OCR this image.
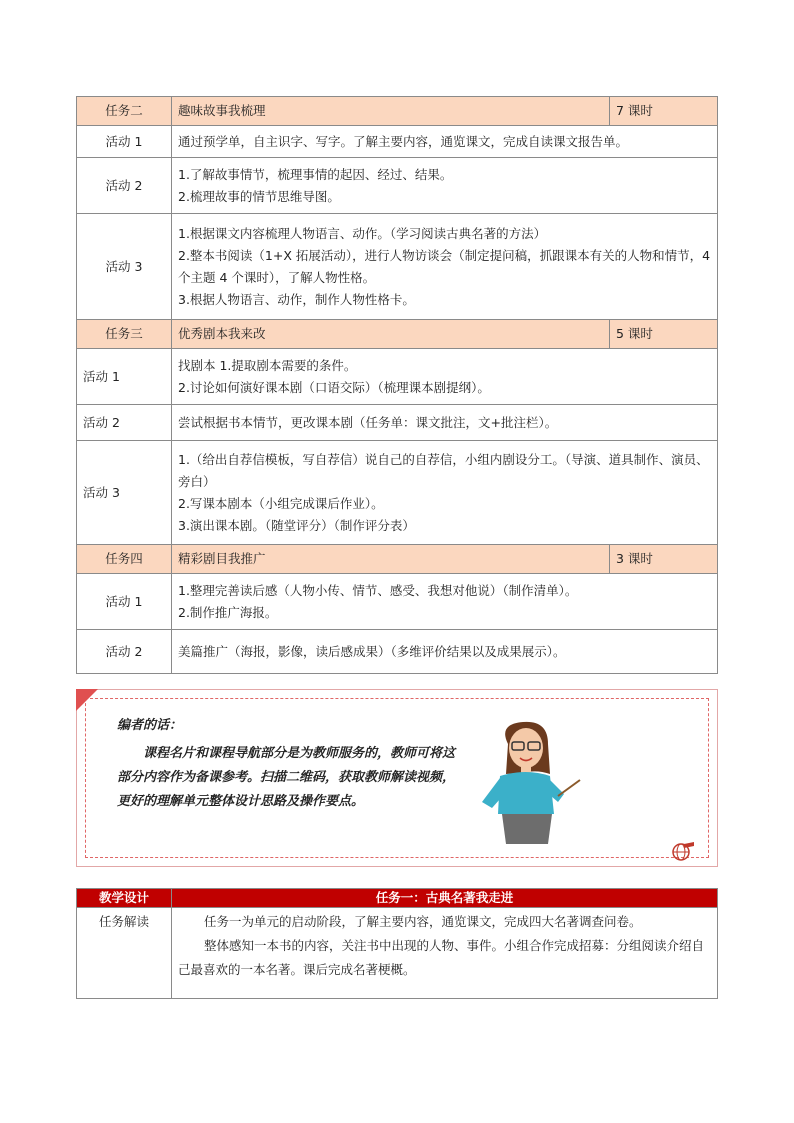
任务二	趣味故事我梳理	7 课时
活动 1	通过预学单，自主识字、写字。了解主要内容，通览课文，完成自读课文报告单。	

活动 2	1.了解故事情节，梳理事情的起因、经过、结果。
2.梳理故事的情节思维导图。	

活动 3	1.根据课文内容梳理人物语言、动作。（学习阅读古典名著的方法）
2.整本书阅读（1+X 拓展活动），进行人物访谈会（制定提问稿，抓跟课本有关的人物和情节，4 个主题 4 个课时），了解人物性格。
3.根据人物语言、动作，制作人物性格卡。	

任务三	优秀剧本我来改	5 课时
活动 1	找剧本 1.提取剧本需要的条件。
2.讨论如何演好课本剧（口语交际）（梳理课本剧提纲）。	

活动 2	尝试根据书本情节，更改课本剧（任务单：课文批注，文+批注栏）。	

活动 3	1.（给出自荐信模板，写自荐信）说自己的自荐信，小组内剧设分工。（导演、道具制作、演员、旁白）
2.写课本剧本（小组完成课后作业）。
3.演出课本剧。（随堂评分）（制作评分表）	

任务四	精彩剧目我推广	3 课时
活动 1	1.整理完善读后感（人物小传、情节、感受、我想对他说）（制作清单）。
2.制作推广海报。	

活动 2	美篇推广（海报，影像，读后感成果）（多维评价结果以及成果展示）。	
编者的话：
课程名片和课程导航部分是为教师服务的，教师可将这部分内容作为备课参考。扫描二维码，获取教师解读视频，更好的理解单元整体设计思路及操作要点。
教学设计	任务一：古典名著我走进
任务解读	任务一为单元的启动阶段，了解主要内容，通览课文，完成四大名著调查问卷。
整体感知一本书的内容，关注书中出现的人物、事件。小组合作完成招募：分组阅读介绍自己最喜欢的一本名著。课后完成名著梗概。
